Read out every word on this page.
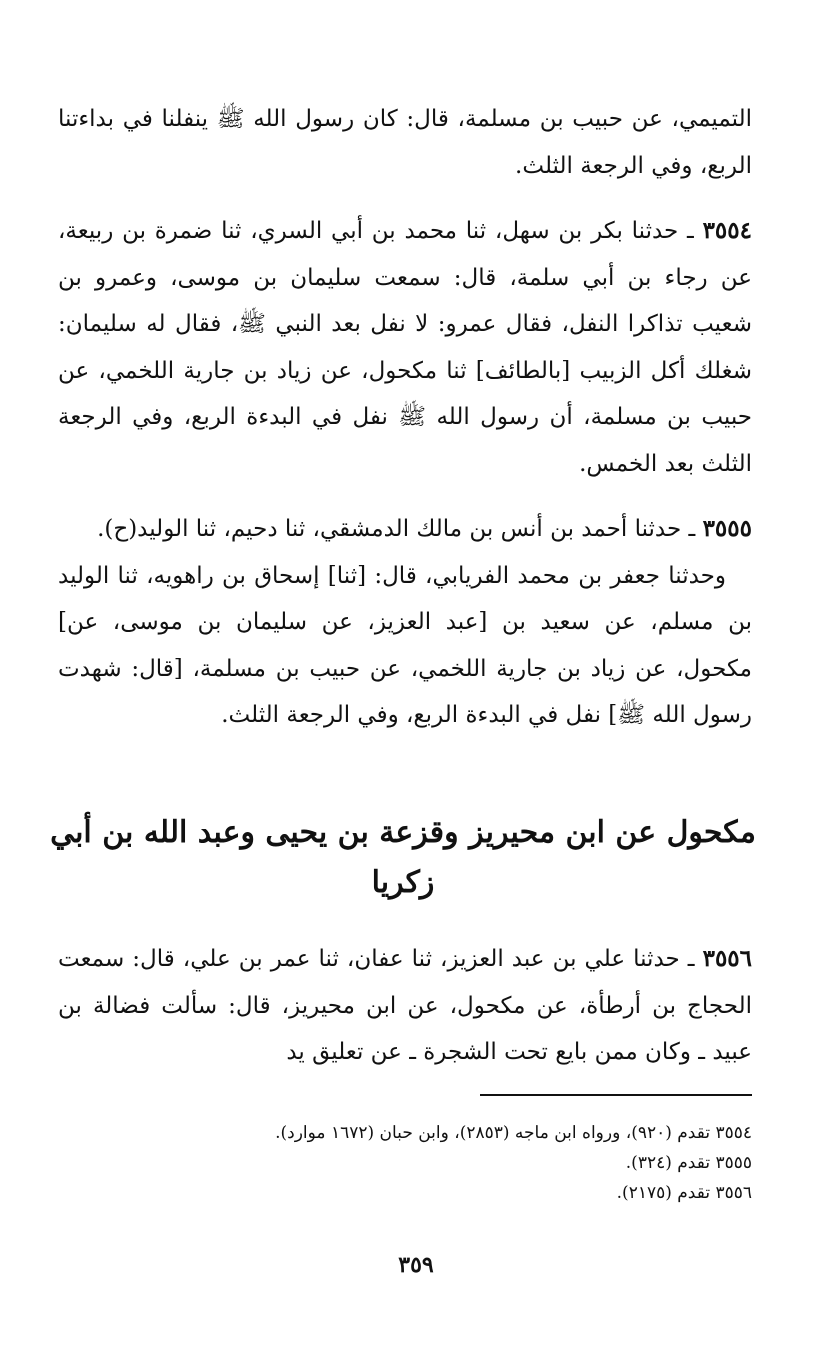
التميمي، عن حبيب بن مسلمة، قال: كان رسول الله ﷺ ينفلنا في بداءتنا الربع، وفي الرجعة الثلث.

٣٥٥٤ ـ حدثنا بكر بن سهل، ثنا محمد بن أبي السري، ثنا ضمرة بن ربيعة، عن رجاء بن أبي سلمة، قال: سمعت سليمان بن موسى، وعمرو بن شعيب تذاكرا النفل، فقال عمرو: لا نفل بعد النبي ﷺ، فقال له سليمان: شغلك أكل الزبيب [بالطائف] ثنا مكحول، عن زياد بن جارية اللخمي، عن حبيب بن مسلمة، أن رسول الله ﷺ نفل في البدءة الربع، وفي الرجعة الثلث بعد الخمس.

٣٥٥٥ ـ حدثنا أحمد بن أنس بن مالك الدمشقي، ثنا دحيم، ثنا الوليد(ح).

وحدثنا جعفر بن محمد الفريابي، قال: [ثنا] إسحاق بن راهويه، ثنا الوليد بن مسلم، عن سعيد بن [عبد العزيز، عن سليمان بن موسى، عن] مكحول، عن زياد بن جارية اللخمي، عن حبيب بن مسلمة، [قال: شهدت رسول الله ﷺ] نفل في البدءة الربع، وفي الرجعة الثلث.

مكحول عن ابن محيريز وقزعة بن يحيى وعبد الله بن أبي زكريا

٣٥٥٦ ـ حدثنا علي بن عبد العزيز، ثنا عفان، ثنا عمر بن علي، قال: سمعت الحجاج بن أرطأة، عن مكحول، عن ابن محيريز، قال: سألت فضالة بن عبيد ـ وكان ممن بايع تحت الشجرة ـ عن تعليق يد

٣٥٥٤ تقدم (٩٢٠)، ورواه ابن ماجه (٢٨٥٣)، وابن حبان (١٦٧٢ موارد).
٣٥٥٥ تقدم (٣٢٤).
٣٥٥٦ تقدم (٢١٧٥).
٣٥٩
